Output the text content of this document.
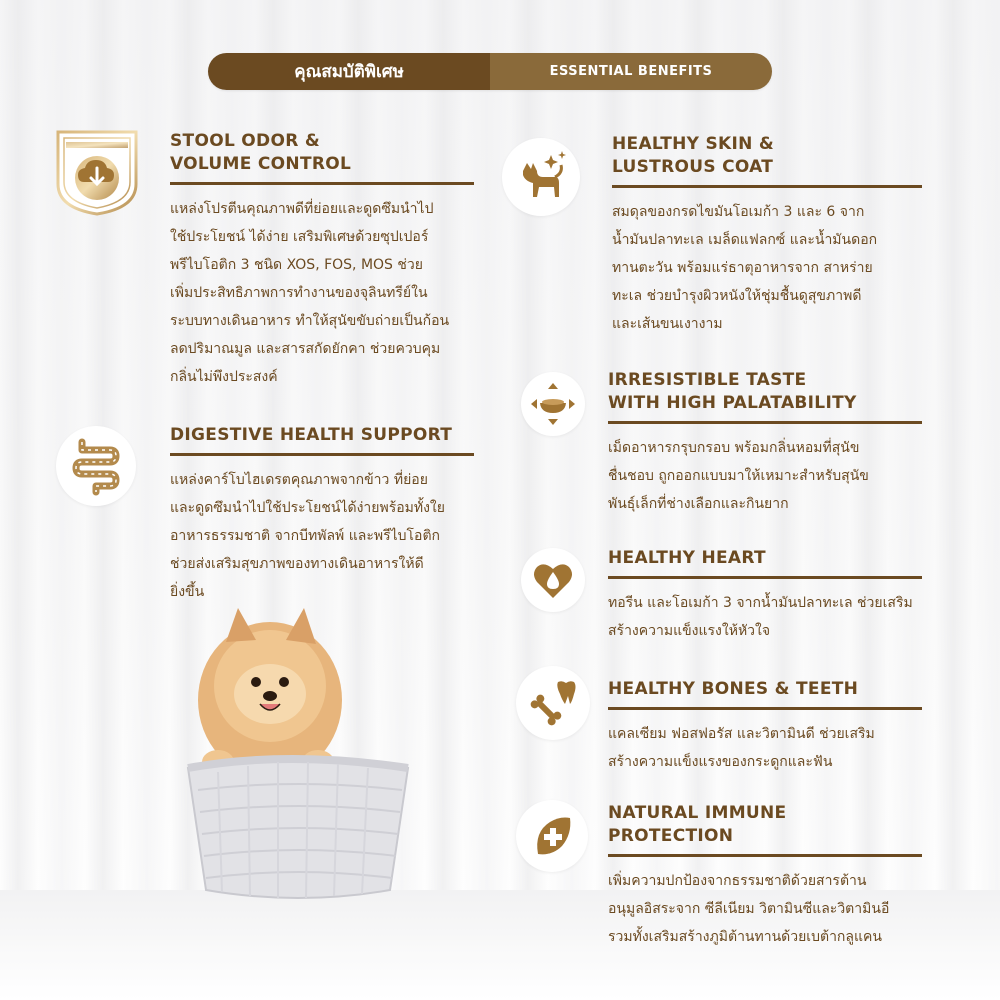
คุณสมบัติพิเศษ	ESSENTIAL BENEFITS
STOOL ODOR &
VOLUME CONTROL
แหล่งโปรตีนคุณภาพดีที่ย่อยและดูดซึมนำไป
ใช้ประโยชน์ ได้ง่าย เสริมพิเศษด้วยซุปเปอร์
พรีไบโอติก 3 ชนิด XOS, FOS, MOS ช่วย
เพิ่มประสิทธิภาพการทำงานของจุลินทรีย์ใน
ระบบทางเดินอาหาร ทำให้สุนัขขับถ่ายเป็นก้อน
ลดปริมาณมูล และสารสกัดยักคา ช่วยควบคุม
กลิ่นไม่พึงประสงค์
DIGESTIVE HEALTH SUPPORT
แหล่งคาร์โบไฮเดรตคุณภาพจากข้าว ที่ย่อย
และดูดซึมนำไปใช้ประโยชน์ได้ง่ายพร้อมทั้งใย
อาหารธรรมชาติ จากบีทพัลพ์ และพรีไบโอติก
ช่วยส่งเสริมสุขภาพของทางเดินอาหารให้ดี
ยิ่งขึ้น
HEALTHY SKIN &
LUSTROUS COAT
สมดุลของกรดไขมันโอเมก้า 3 และ 6 จาก
น้ำมันปลาทะเล เมล็ดแฟลกซ์ และน้ำมันดอก
ทานตะวัน พร้อมแร่ธาตุอาหารจาก สาหร่าย
ทะเล ช่วยบำรุงผิวหนังให้ชุ่มชื้นดูสุขภาพดี
และเส้นขนเงางาม
IRRESISTIBLE TASTE
WITH HIGH PALATABILITY
เม็ดอาหารกรุบกรอบ พร้อมกลิ่นหอมที่สุนัข
ชื่นชอบ ถูกออกแบบมาให้เหมาะสำหรับสุนัข
พันธุ์เล็กที่ช่างเลือกและกินยาก
HEALTHY HEART
ทอรีน และโอเมก้า 3 จากน้ำมันปลาทะเล ช่วยเสริม
สร้างความแข็งแรงให้หัวใจ
HEALTHY BONES & TEETH
แคลเซียม ฟอสฟอรัส และวิตามินดี ช่วยเสริม
สร้างความแข็งแรงของกระดูกและฟัน
NATURAL IMMUNE
PROTECTION
เพิ่มความปกป้องจากธรรมชาติด้วยสารต้าน
อนุมูลอิสระจาก ซีลีเนียม วิตามินซีและวิตามินอี
รวมทั้งเสริมสร้างภูมิต้านทานด้วยเบต้ากลูแคน
